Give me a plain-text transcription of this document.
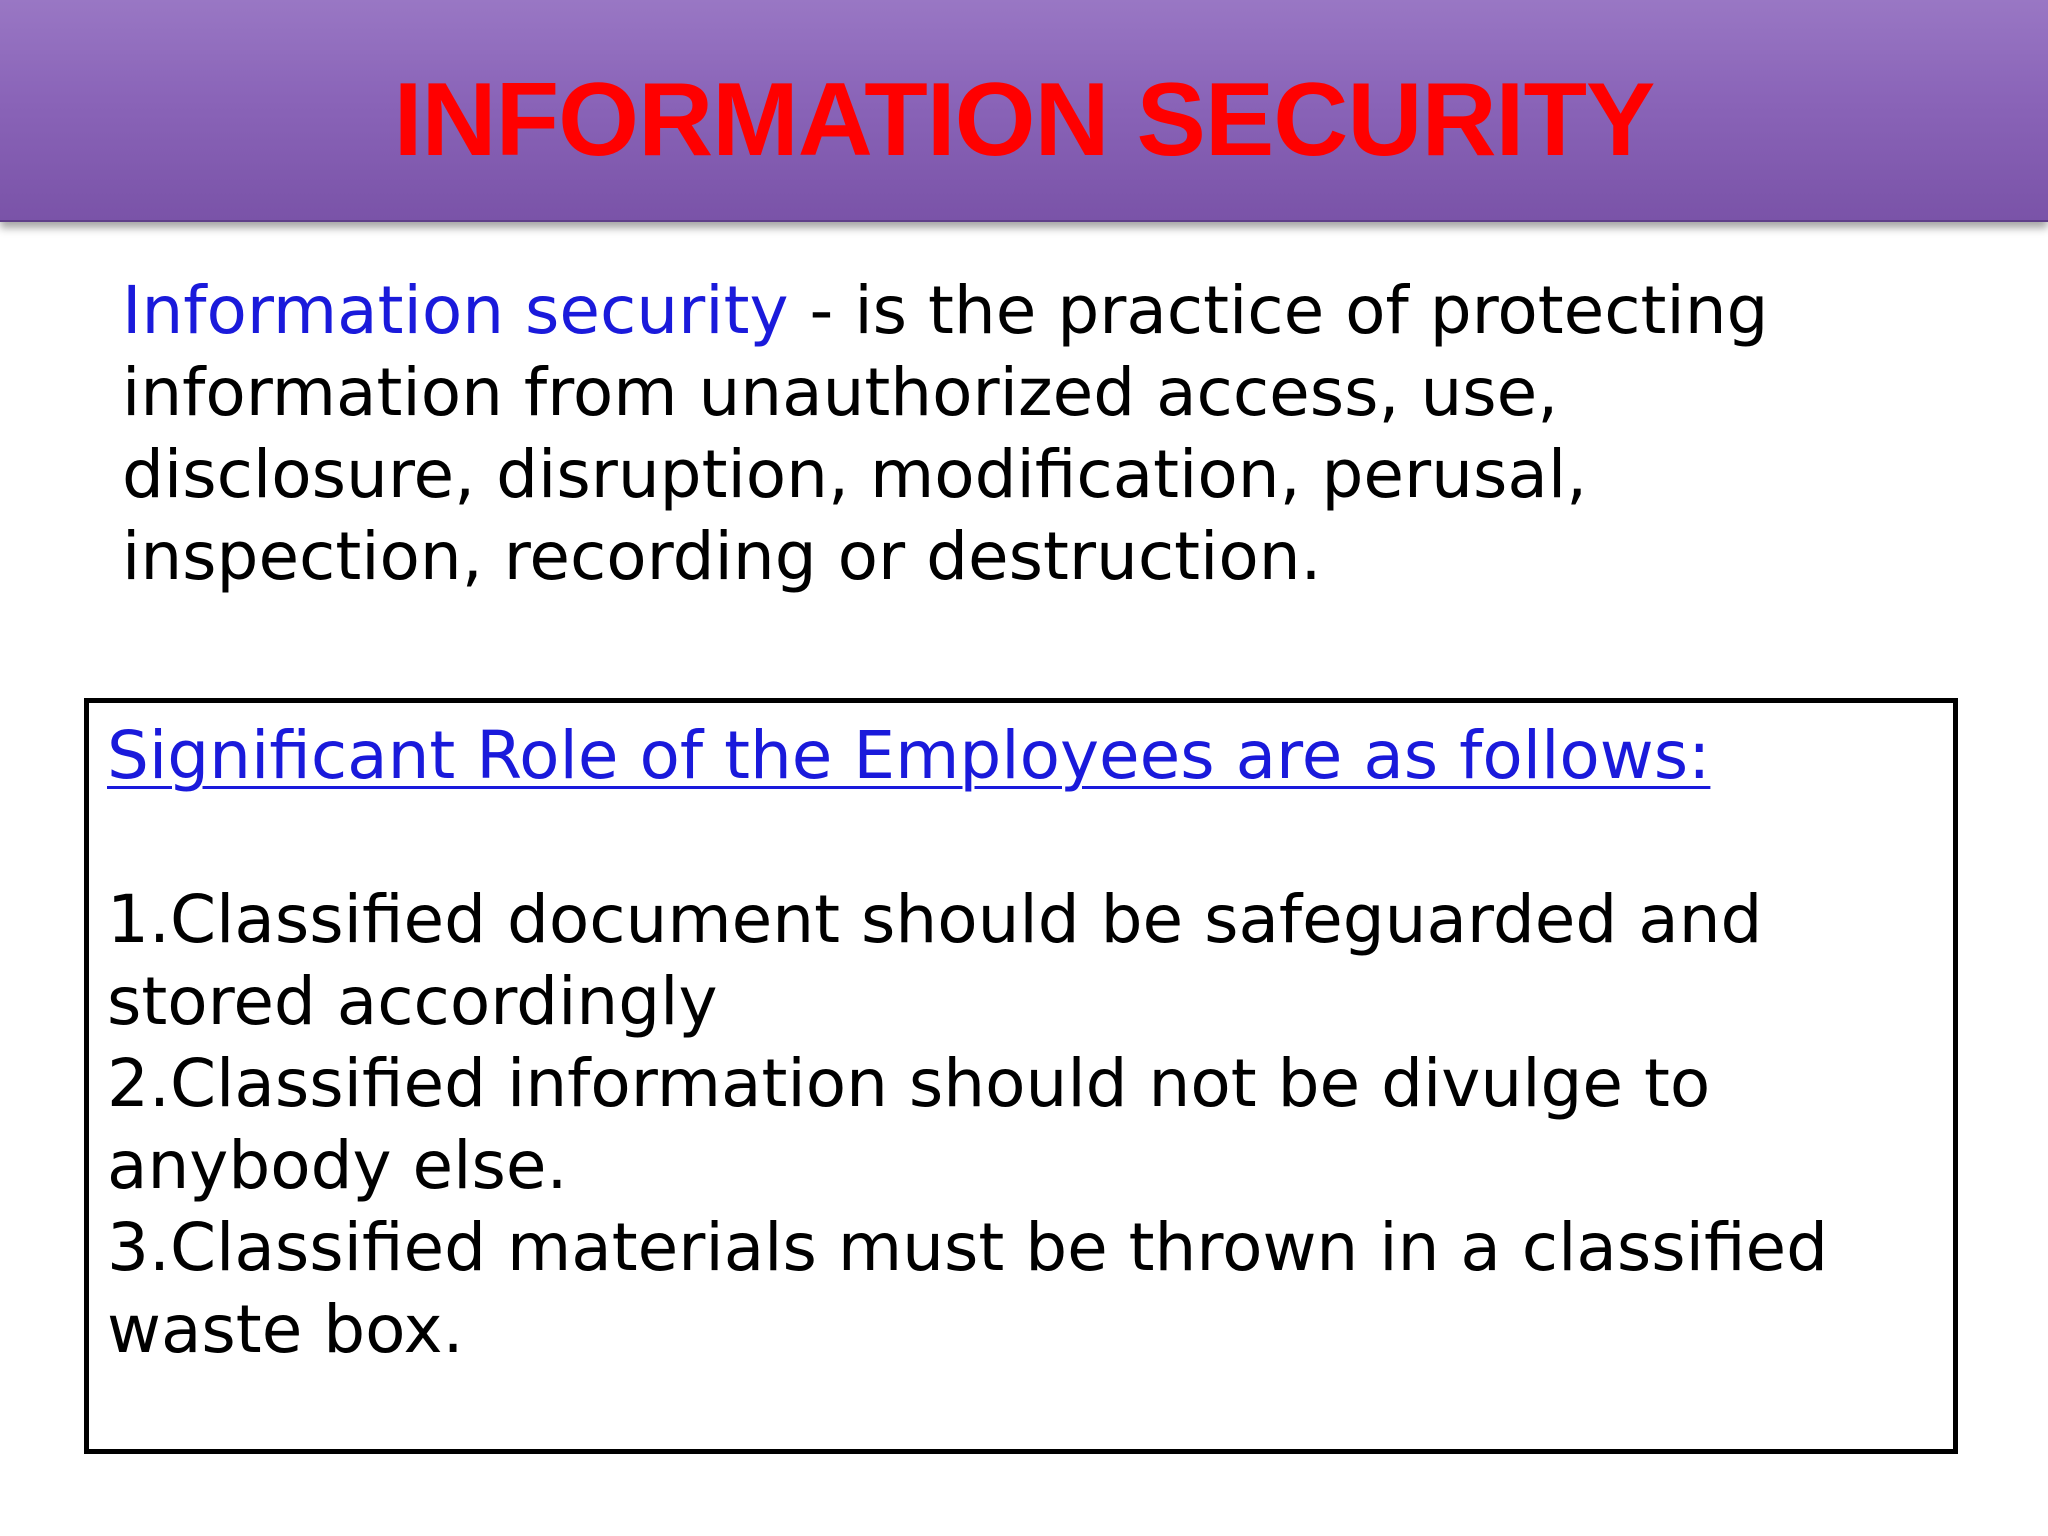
INFORMATION SECURITY
Information security - is the practice of protecting information from unauthorized access, use, disclosure, disruption, modification, perusal, inspection, recording or destruction.
Significant Role of the Employees are as follows:
1.Classified document should be safeguarded and stored accordingly
2.Classified information should not be divulge to anybody else.
3.Classified materials must be thrown in a classified waste box.
